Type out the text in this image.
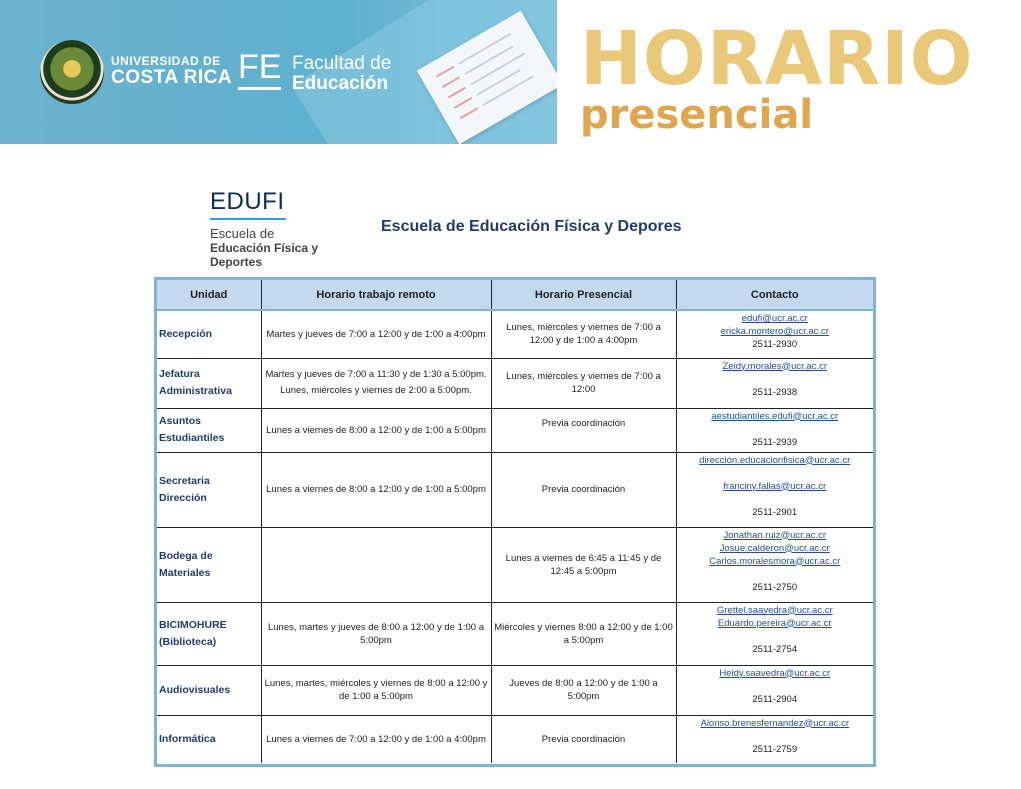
UNIVERSIDAD DE
COSTA RICA FE Facultad de
Educación	HORARIO
presencial
EDUFI
Escuela de
Educación Física y
Deportes
Escuela de Educación Física y Depores
Unidad	Horario trabajo remoto	Horario Presencial	Contacto
Recepción	Martes y jueves de 7:00 a 12:00 y de 1:00 a 4:00pm	Lunes, miércoles y viernes de 7:00 a 12:00 y de 1:00 a 4:00pm	edufi@ucr.ac.cr
ericka.montero@ucr.ac.cr
2511-2930

Jefatura Administrativa	Martes y jueves de 7:00 a 11:30 y de 1:30 a 5:00pm.
Lunes, miércoles y viernes de 2:00 a 5:00pm.	Lunes, miércoles y viernes de 7:00 a 12:00	Zeidy.morales@ucr.ac.cr
2511-2938

Asuntos Estudiantiles	Lunes a viernes de 8:00 a 12:00 y de 1:00 a 5:00pm	Previa coordinación	aestudiantiles.edufi@ucr.ac.cr
2511-2939

Secretaria Dirección	Lunes a viernes de 8:00 a 12:00 y de 1:00 a 5:00pm	Previa coordinación	dirección.educacionfisica@ucr.ac.cr
franciny.fallas@ucr.ac.cr
2511-2901

Bodega de Materiales		Lunes a viernes de 6:45 a 11:45 y de 12:45 a 5:00pm	Jonathan.ruiz@ucr.ac.cr
Josue.calderon@ucr.ac.cr
Carlos.moralesmora@ucr.ac.cr
2511-2750

BICIMOHURE (Biblioteca)	Lunes, martes y jueves de 8:00 a 12:00 y de 1:00 a 5:00pm	Miércoles y viernes 8:00 a 12:00 y de 1:00 a 5:00pm	Grettel.saavedra@ucr.ac.cr
Eduardo.pereira@ucr.ac.cr
2511-2754

Audiovisuales	Lunes, martes, miércoles y viernes de 8:00 a 12:00 y de 1:00 a 5:00pm	Jueves de 8:00 a 12:00 y de 1:00 a 5:00pm	Heidy.saavedra@ucr.ac.cr
2511-2904

Informática	Lunes a viernes de 7:00 a 12:00 y de 1:00 a 4:00pm	Previa coordinación	Alonso.brenesfernandez@ucr.ac.cr
2511-2759
